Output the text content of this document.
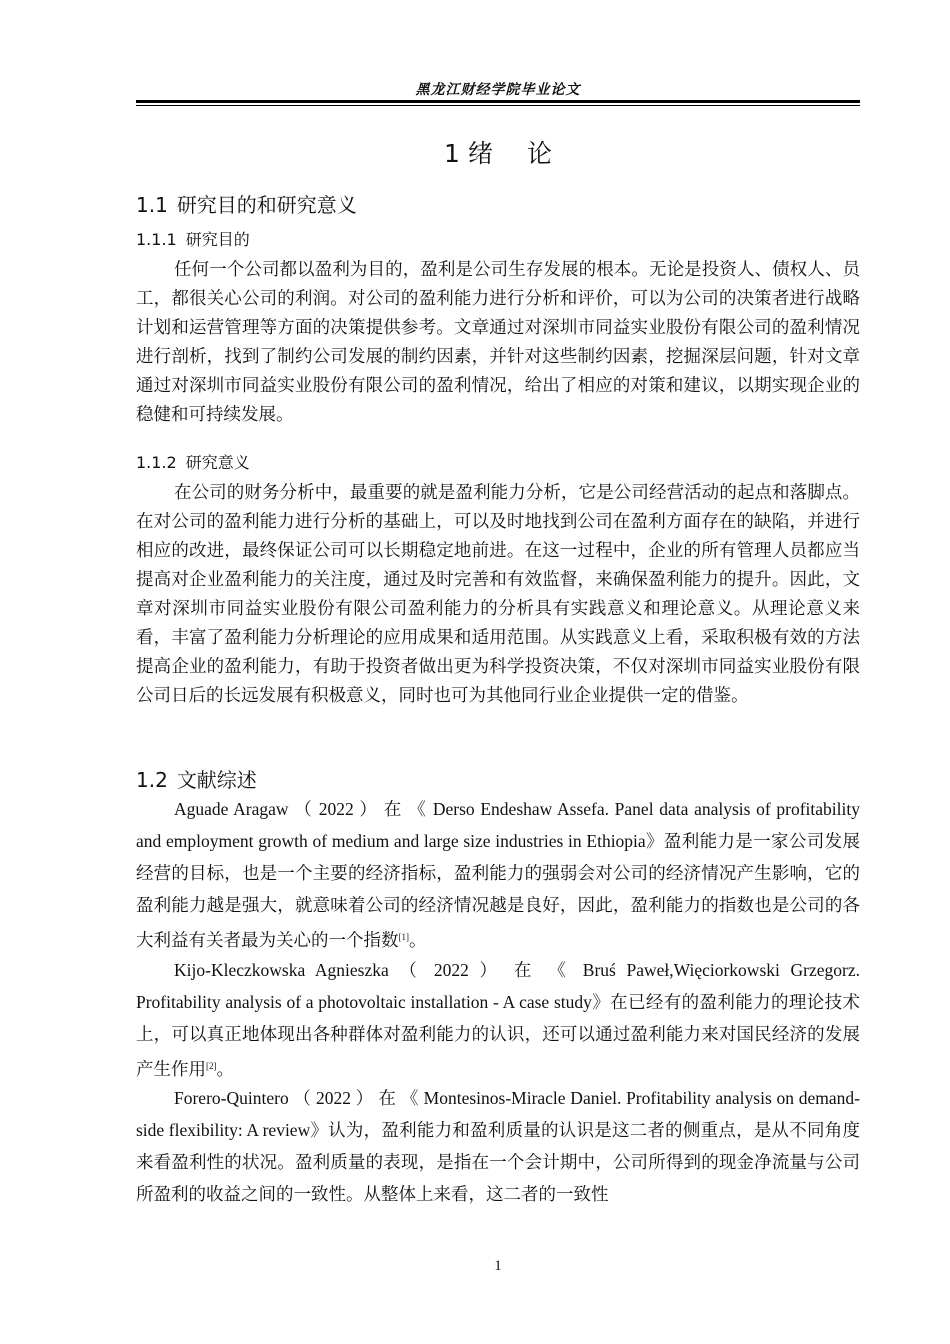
黑龙江财经学院毕业论文
1 绪 论
1.1 研究目的和研究意义
1.1.1 研究目的
任何一个公司都以盈利为目的，盈利是公司生存发展的根本。无论是投资人、债权人、员工，都很关心公司的利润。对公司的盈利能力进行分析和评价，可以为公司的决策者进行战略计划和运营管理等方面的决策提供参考。文章通过对深圳市同益实业股份有限公司的盈利情况进行剖析，找到了制约公司发展的制约因素，并针对这些制约因素，挖掘深层问题，针对文章通过对深圳市同益实业股份有限公司的盈利情况，给出了相应的对策和建议，以期实现企业的稳健和可持续发展。
1.1.2 研究意义
在公司的财务分析中，最重要的就是盈利能力分析，它是公司经营活动的起点和落脚点。在对公司的盈利能力进行分析的基础上，可以及时地找到公司在盈利方面存在的缺陷，并进行相应的改进，最终保证公司可以长期稳定地前进。在这一过程中，企业的所有管理人员都应当提高对企业盈利能力的关注度，通过及时完善和有效监督，来确保盈利能力的提升。因此，文章对深圳市同益实业股份有限公司盈利能力的分析具有实践意义和理论意义。从理论意义来看，丰富了盈利能力分析理论的应用成果和适用范围。从实践意义上看，采取积极有效的方法提高企业的盈利能力，有助于投资者做出更为科学投资决策，不仅对深圳市同益实业股份有限公司日后的长远发展有积极意义，同时也可为其他同行业企业提供一定的借鉴。
1.2 文献综述
Aguade Aragaw （ 2022 ） 在 《 Derso Endeshaw Assefa. Panel data analysis of profitability and employment growth of medium and large size industries in Ethiopia》盈利能力是一家公司发展经营的目标，也是一个主要的经济指标，盈利能力的强弱会对公司的经济情况产生影响，它的盈利能力越是强大，就意味着公司的经济情况越是良好，因此，盈利能力的指数也是公司的各大利益有关者最为关心的一个指数[1]。
Kijo-Kleczkowska Agnieszka （ 2022 ） 在 《 Bruś Paweł,Więciorkowski Grzegorz. Profitability analysis of a photovoltaic installation - A case study》在已经有的盈利能力的理论技术上，可以真正地体现出各种群体对盈利能力的认识，还可以通过盈利能力来对国民经济的发展产生作用[2]。
Forero-Quintero （ 2022 ） 在 《 Montesinos-Miracle Daniel. Profitability analysis on demand-side flexibility: A review》认为，盈利能力和盈利质量的认识是这二者的侧重点，是从不同角度来看盈利性的状况。盈利质量的表现，是指在一个会计期中，公司所得到的现金净流量与公司所盈利的收益之间的一致性。从整体上来看，这二者的一致性
1
